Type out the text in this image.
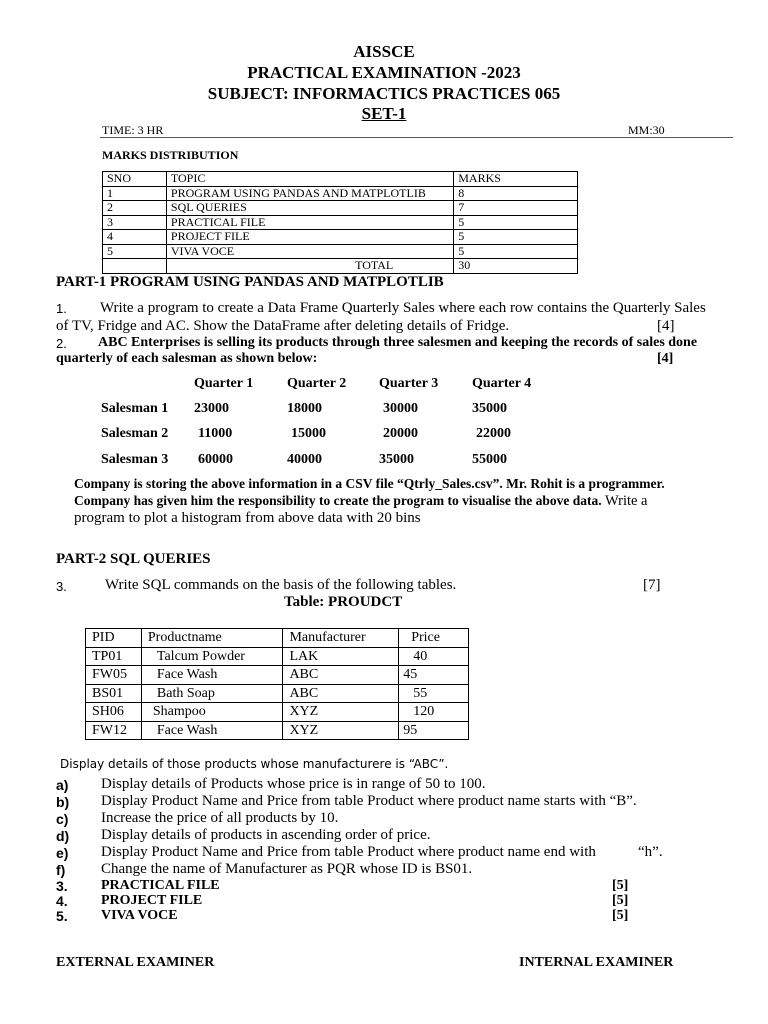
AISSCE
PRACTICAL EXAMINATION -2023
SUBJECT: INFORMACTICS PRACTICES 065
SET-1
TIME: 3 HR	MM:30
MARKS DISTRIBUTION
SNO	TOPIC	MARKS
1	PROGRAM USING PANDAS AND MATPLOTLIB	8
2	SQL QUERIES	7
3	PRACTICAL FILE	5
4	PROJECT FILE	5
5	VIVA VOCE	5
	TOTAL	30
PART-1 PROGRAM USING PANDAS AND MATPLOTLIB
1. Write a program to create a Data Frame Quarterly Sales where each row contains the Quarterly Sales
of TV, Fridge and AC. Show the DataFrame after deleting details of Fridge.	[4]
2. ABC Enterprises is selling its products through three salesmen and keeping the records of sales done
quarterly of each salesman as shown below:	[4]
Quarter 1 Quarter 2 Quarter 3 Quarter 4
Salesman 1 23000	18000	30000	35000
Salesman 2 11000	15000	20000	22000
Salesman 3 60000	40000	35000	55000
Company is storing the above information in a CSV file “Qtrly_Sales.csv”. Mr. Rohit is a programmer.
Company has given him the responsibility to create the program to visualise the above data. Write a
program to plot a histogram from above data with 20 bins
PART-2 SQL QUERIES
3.	Write SQL commands on the basis of the following tables.	[7]
Table: PROUDCT
PID	Productname	Manufacturer	Price
TP01	Talcum Powder	LAK	40
FW05	Face Wash	ABC	45
BS01	Bath Soap	ABC	55
SH06	Shampoo	XYZ	120
FW12	Face Wash	XYZ	95
Display details of those products whose manufacturere is “ABC”.
a) Display details of Products whose price is in range of 50 to 100.
b) Display Product Name and Price from table Product where product name starts with “B”.
c) Increase the price of all products by 10.
d) Display details of products in ascending order of price.
e) Display Product Name and Price from table Product where product name end with	“h”.
f) Change the name of Manufacturer as PQR whose ID is BS01.
3. PRACTICAL FILE	[5]
4. PROJECT FILE	[5]
5. VIVA VOCE	[5]
EXTERNAL EXAMINER	INTERNAL EXAMINER
